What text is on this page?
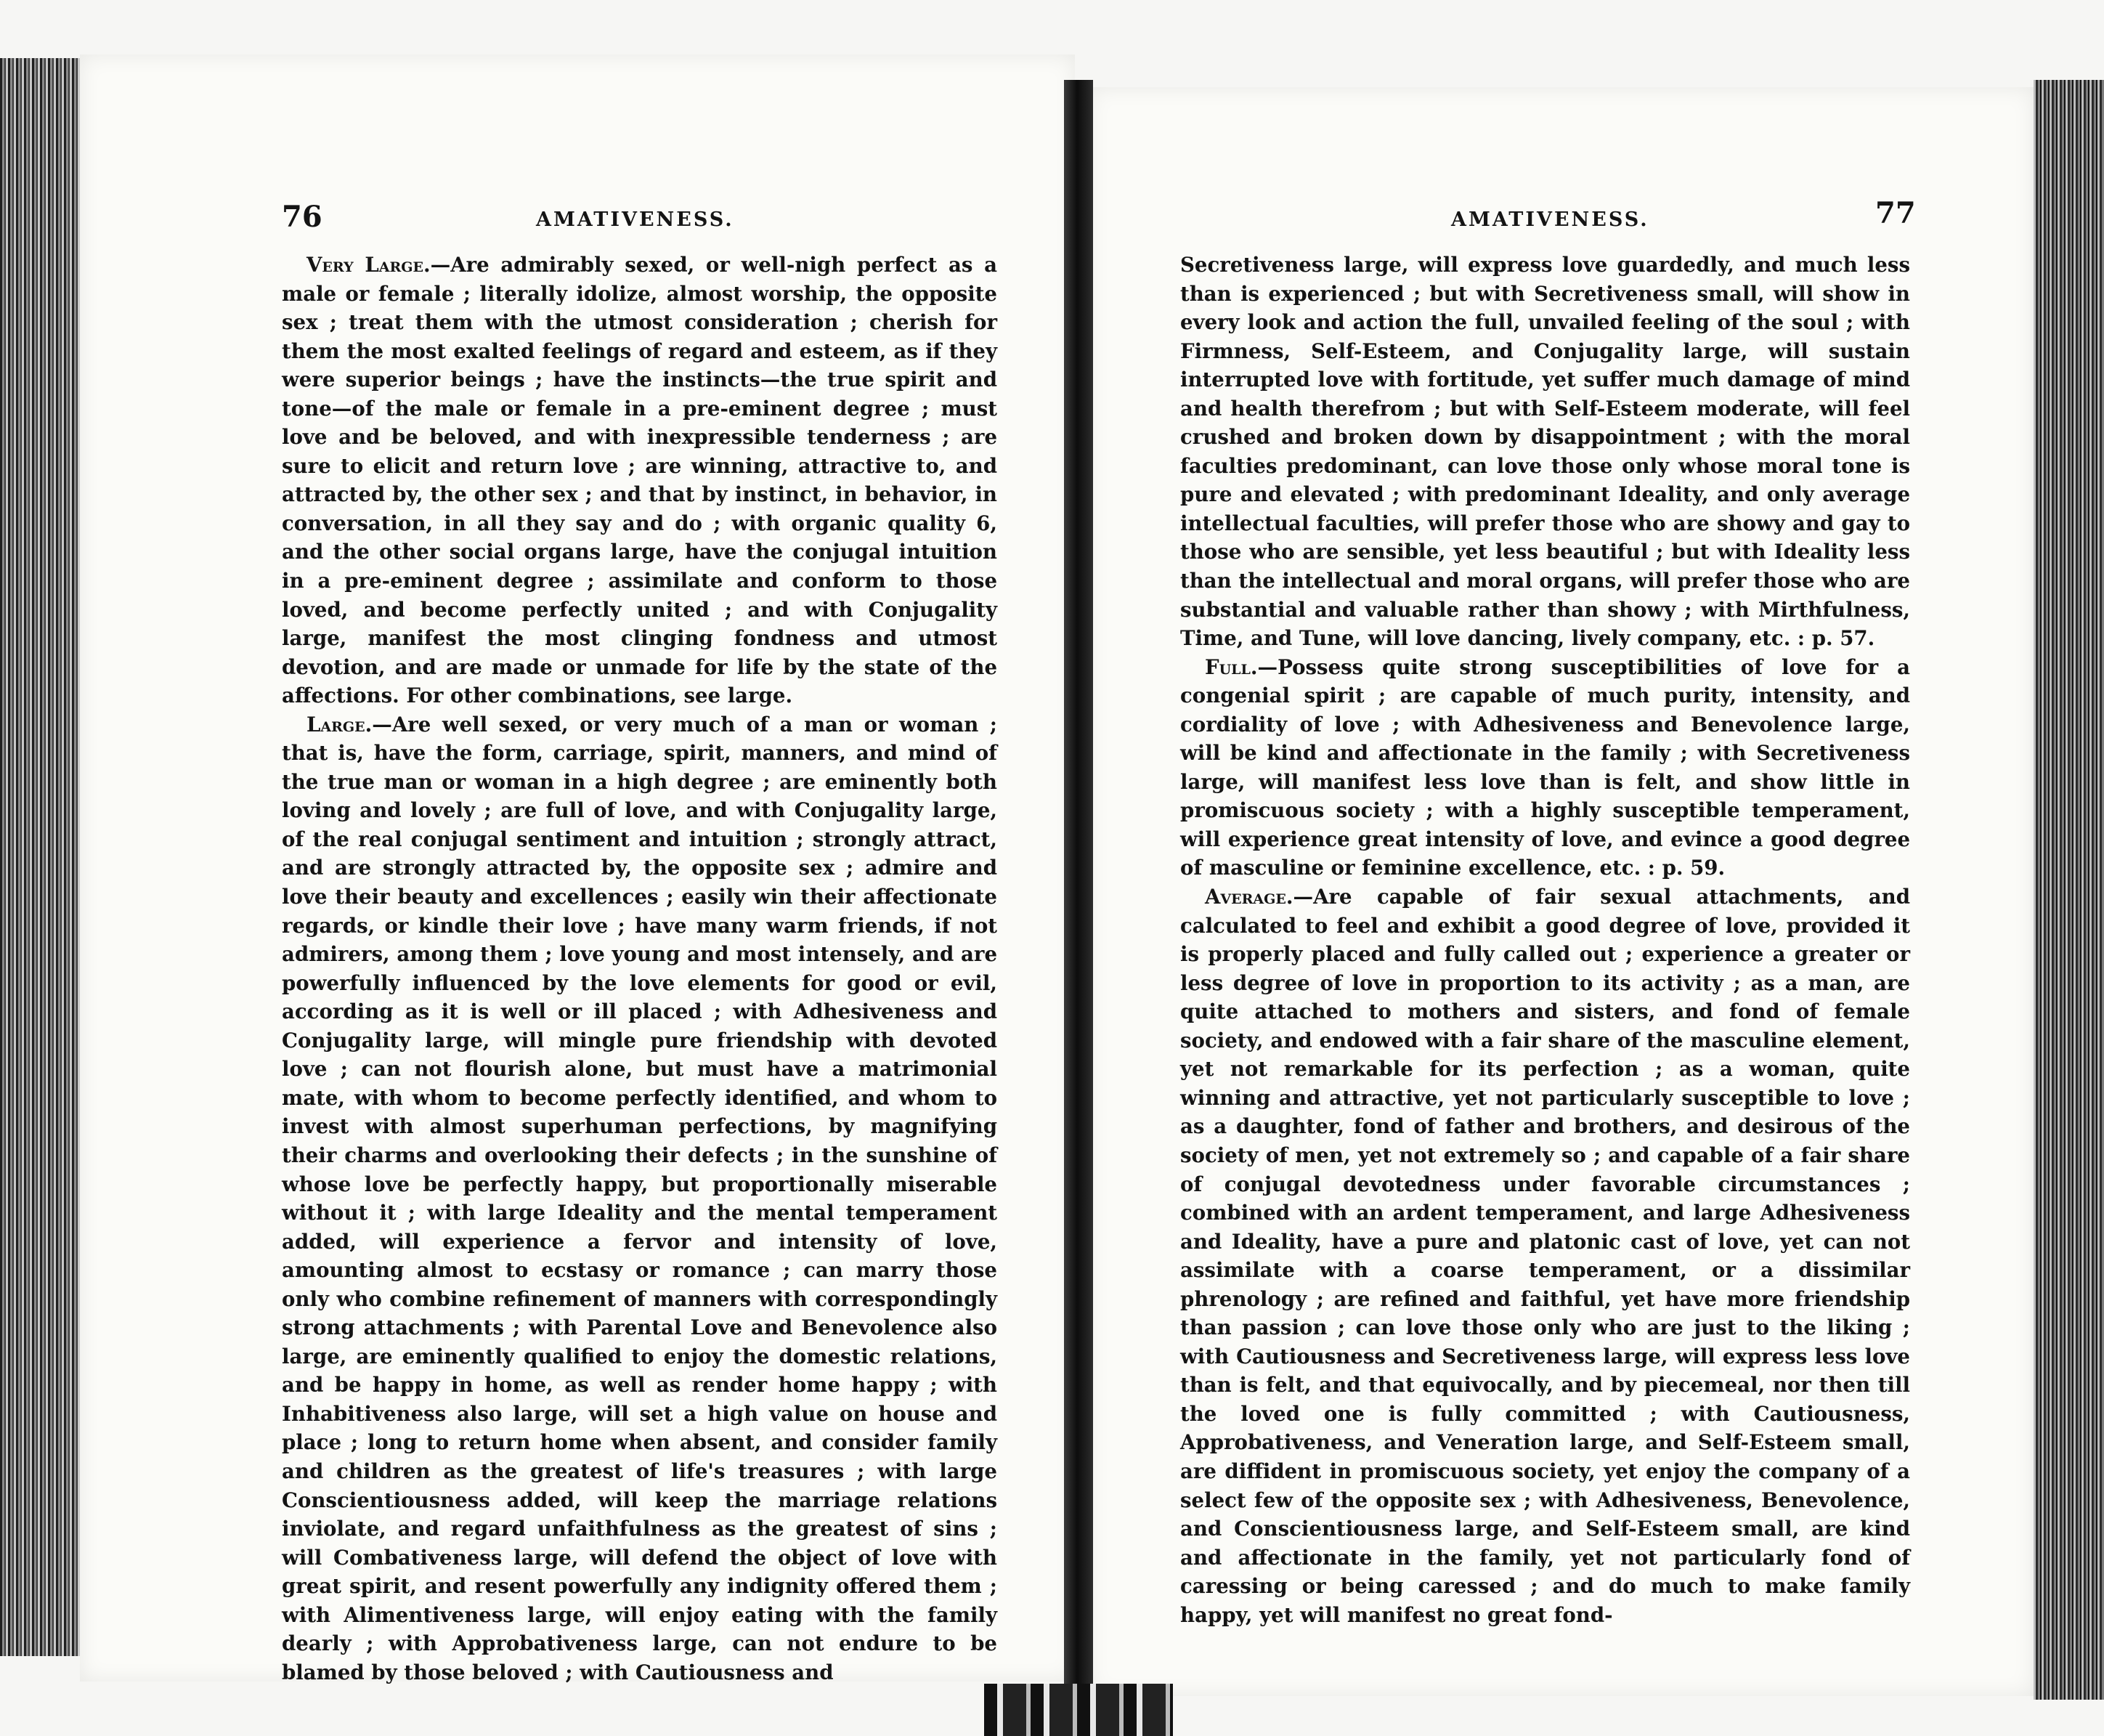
76	AMATIVENESS.	AMATIVENESS.	77

Very Large.—Are admirably sexed, or well-nigh perfect as a male or female ; literally idolize, almost worship, the opposite sex ; treat them with the utmost consideration ; cherish for them the most exalted feelings of regard and esteem, as if they were superior beings ; have the instincts—the true spirit and tone—of the male or female in a pre-eminent degree ; must love and be beloved, and with inexpressible tenderness ; are sure to elicit and return love ; are winning, attractive to, and attracted by, the other sex ; and that by instinct, in behavior, in conversation, in all they say and do ; with organic quality 6, and the other social organs large, have the conjugal intuition in a pre-eminent degree ; assimilate and conform to those loved, and become perfectly united ; and with Conjugality large, manifest the most clinging fondness and utmost devotion, and are made or unmade for life by the state of the affections. For other combinations, see large.

Large.—Are well sexed, or very much of a man or woman ; that is, have the form, carriage, spirit, manners, and mind of the true man or woman in a high degree ; are eminently both loving and lovely ; are full of love, and with Conjugality large, of the real conjugal sentiment and intuition ; strongly attract, and are strongly attracted by, the opposite sex ; admire and love their beauty and excellences ; easily win their affectionate regards, or kindle their love ; have many warm friends, if not admirers, among them ; love young and most intensely, and are powerfully influenced by the love elements for good or evil, according as it is well or ill placed ; with Adhesiveness and Conjugality large, will mingle pure friendship with devoted love ; can not flourish alone, but must have a matrimonial mate, with whom to become perfectly identified, and whom to invest with almost superhuman perfections, by magnifying their charms and overlooking their defects ; in the sunshine of whose love be perfectly happy, but proportionally miserable without it ; with large Ideality and the mental temperament added, will experience a fervor and intensity of love, amounting almost to ecstasy or romance ; can marry those only who combine refinement of manners with correspondingly strong attachments ; with Parental Love and Benevolence also large, are eminently qualified to enjoy the domestic relations, and be happy in home, as well as render home happy ; with Inhabitiveness also large, will set a high value on house and place ; long to return home when absent, and consider family and children as the greatest of life's treasures ; with large Conscientiousness added, will keep the marriage relations inviolate, and regard unfaithfulness as the greatest of sins ; will Combativeness large, will defend the object of love with great spirit, and resent powerfully any indignity offered them ; with Alimentiveness large, will enjoy eating with the family dearly ; with Approbativeness large, can not endure to be blamed by those beloved ; with Cautiousness and

Secretiveness large, will express love guardedly, and much less than is experienced ; but with Secretiveness small, will show in every look and action the full, unvailed feeling of the soul ; with Firmness, Self-Esteem, and Conjugality large, will sustain interrupted love with fortitude, yet suffer much damage of mind and health therefrom ; but with Self-Esteem moderate, will feel crushed and broken down by disappointment ; with the moral faculties predominant, can love those only whose moral tone is pure and elevated ; with predominant Ideality, and only average intellectual faculties, will prefer those who are showy and gay to those who are sensible, yet less beautiful ; but with Ideality less than the intellectual and moral organs, will prefer those who are substantial and valuable rather than showy ; with Mirthfulness, Time, and Tune, will love dancing, lively company, etc. : p. 57.

Full.—Possess quite strong susceptibilities of love for a congenial spirit ; are capable of much purity, intensity, and cordiality of love ; with Adhesiveness and Benevolence large, will be kind and affectionate in the family ; with Secretiveness large, will manifest less love than is felt, and show little in promiscuous society ; with a highly susceptible temperament, will experience great intensity of love, and evince a good degree of masculine or feminine excellence, etc. : p. 59.

Average.—Are capable of fair sexual attachments, and calculated to feel and exhibit a good degree of love, provided it is properly placed and fully called out ; experience a greater or less degree of love in proportion to its activity ; as a man, are quite attached to mothers and sisters, and fond of female society, and endowed with a fair share of the masculine element, yet not remarkable for its perfection ; as a woman, quite winning and attractive, yet not particularly susceptible to love ; as a daughter, fond of father and brothers, and desirous of the society of men, yet not extremely so ; and capable of a fair share of conjugal devotedness under favorable circumstances ; combined with an ardent temperament, and large Adhesiveness and Ideality, have a pure and platonic cast of love, yet can not assimilate with a coarse temperament, or a dissimilar phrenology ; are refined and faithful, yet have more friendship than passion ; can love those only who are just to the liking ; with Cautiousness and Secretiveness large, will express less love than is felt, and that equivocally, and by piecemeal, nor then till the loved one is fully committed ; with Cautiousness, Approbativeness, and Veneration large, and Self-Esteem small, are diffident in promiscuous society, yet enjoy the company of a select few of the opposite sex ; with Adhesiveness, Benevolence, and Conscientiousness large, and Self-Esteem small, are kind and affectionate in the family, yet not particularly fond of caressing or being caressed ; and do much to make family happy, yet will manifest no great fond-
